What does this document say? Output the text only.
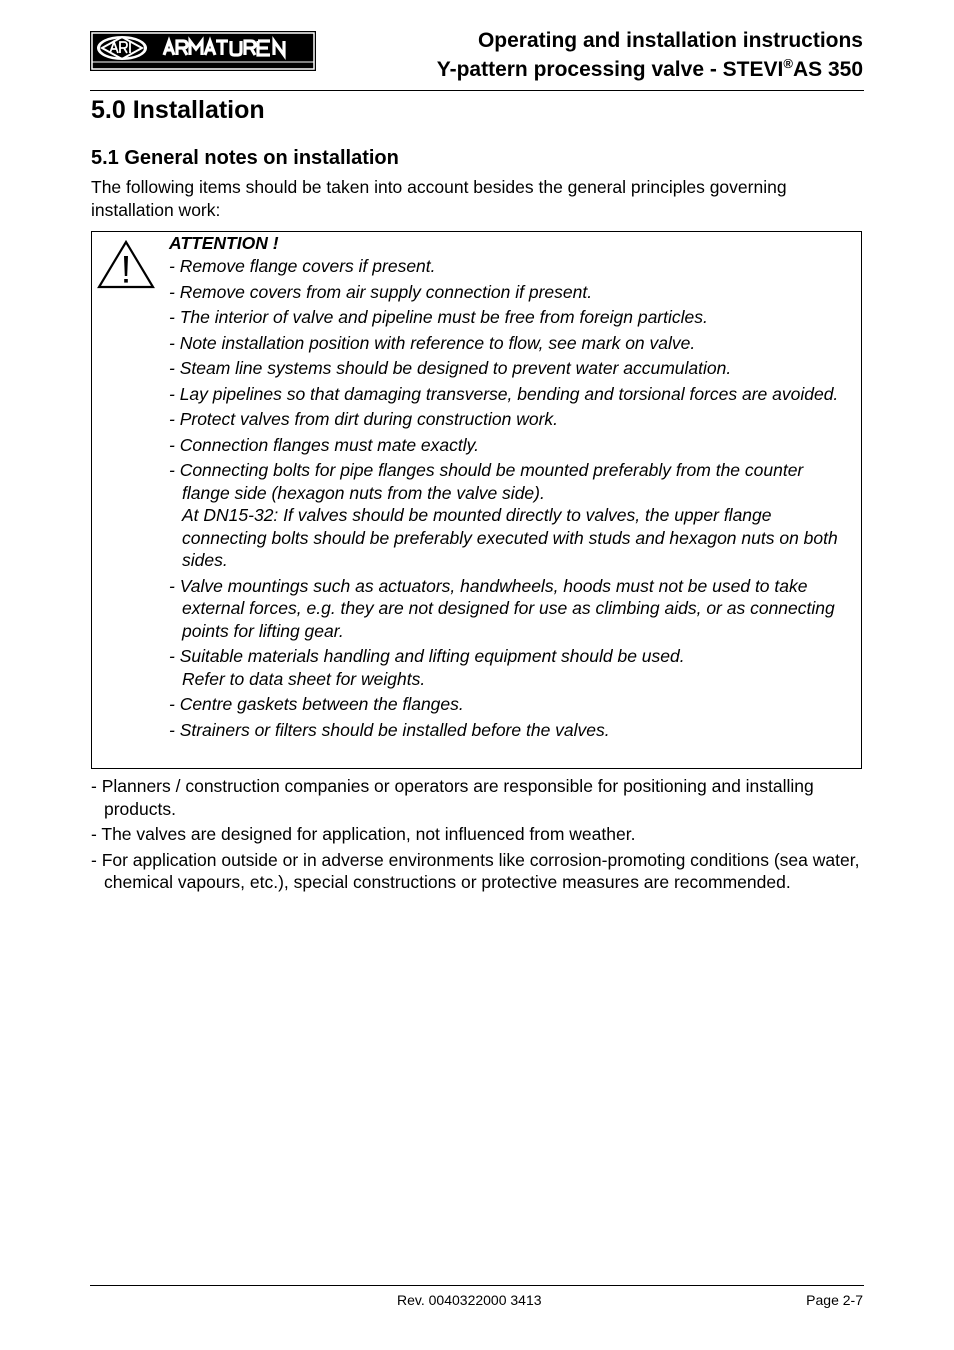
Operating and installation instructions
Y-pattern processing valve - STEVI®AS 350
5.0 Installation
5.1 General notes on installation

The following items should be taken into account besides the general principles governing installation work:

ATTENTION !

- Remove flange covers if present.
- Remove covers from air supply connection if present.
- The interior of valve and pipeline must be free from foreign particles.
- Note installation position with reference to flow, see mark on valve.
- Steam line systems should be designed to prevent water accumulation.
- Lay pipelines so that damaging transverse, bending and torsional forces are avoided.
- Protect valves from dirt during construction work.
- Connection flanges must mate exactly.
- Connecting bolts for pipe flanges should be mounted preferably from the counter flange side (hexagon nuts from the valve side).
At DN15-32: If valves should be mounted directly to valves, the upper flange connecting bolts should be preferably executed with studs and hexagon nuts on both sides.
- Valve mountings such as actuators, handwheels, hoods must not be used to take external forces, e.g. they are not designed for use as climbing aids, or as connecting points for lifting gear.
- Suitable materials handling and lifting equipment should be used.
Refer to data sheet for weights.
- Centre gaskets between the flanges.
- Strainers or filters should be installed before the valves.
- Planners / construction companies or operators are responsible for positioning and installing products.
- The valves are designed for application, not influenced from weather.
- For application outside or in adverse environments like corrosion-promoting conditions (sea water, chemical vapours, etc.), special constructions or protective measures are recommended.
Rev. 0040322000 3413	Page 2-7
